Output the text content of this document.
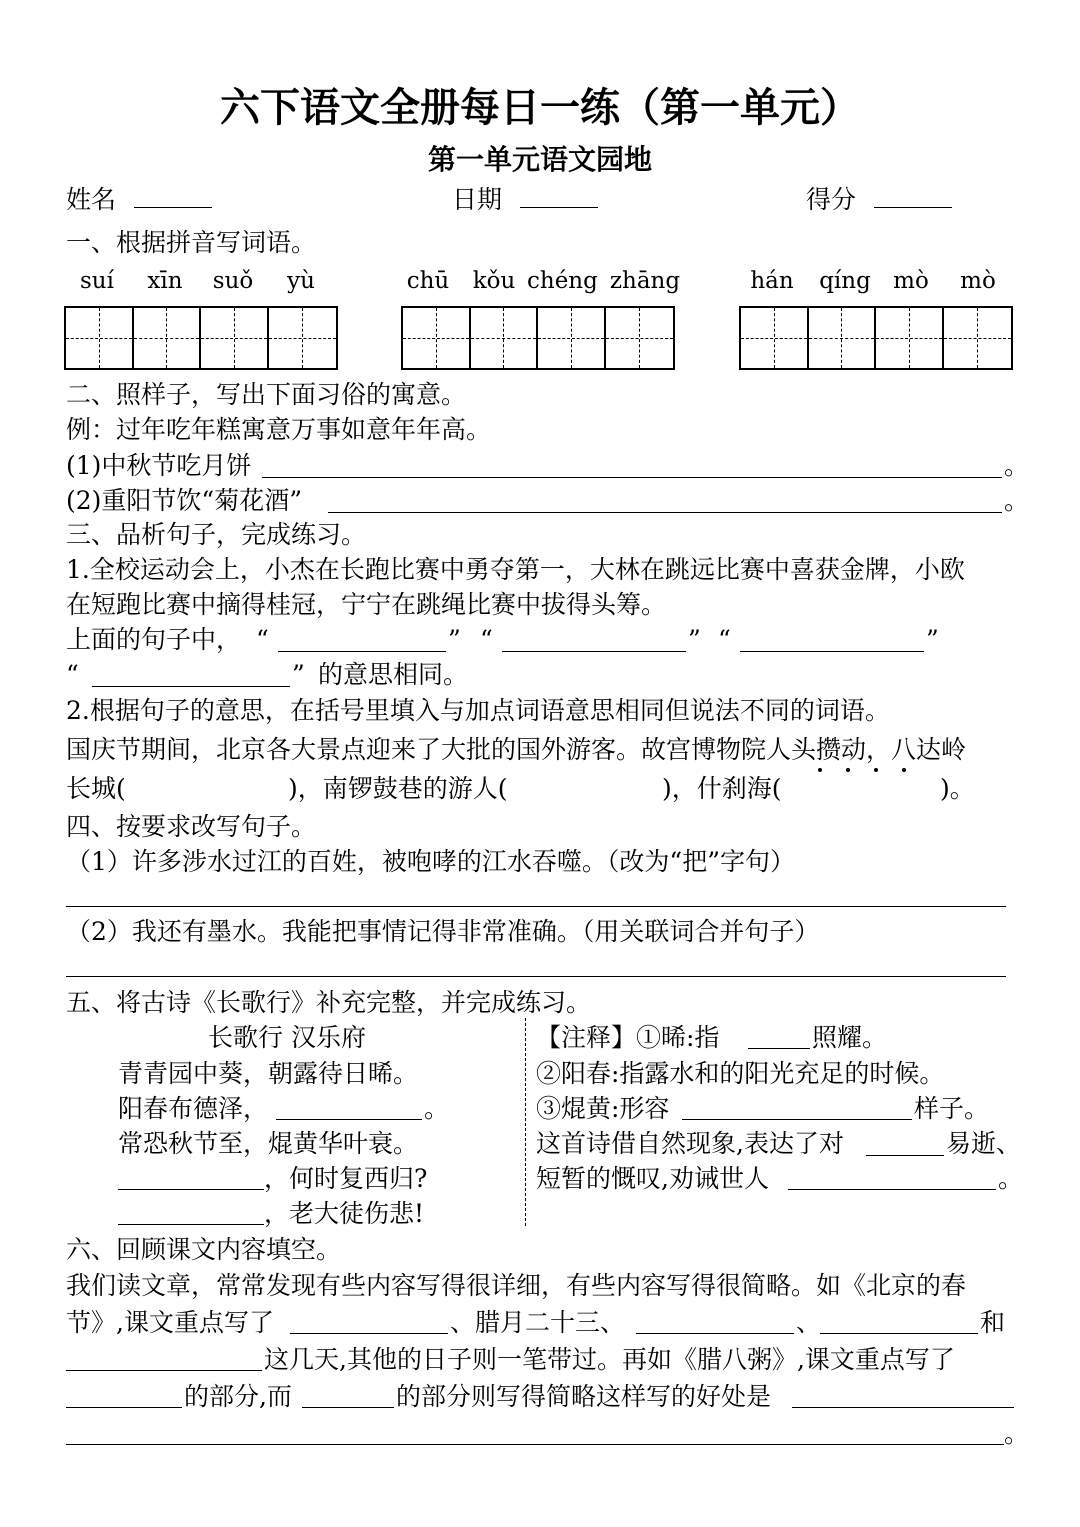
六下语文全册每日一练（第一单元）
第一单元语文园地
姓名	日期	得分
一、根据拼音写词语。
suí	xīn	suǒ	yù	chū	kǒu chéng zhāng	hán	qíng mò	mò
二、照样子，写出下面习俗的寓意。
例：过年吃年糕寓意万事如意年年高。
(1)中秋节吃月饼	。
(2)重阳节饮“菊花酒”	。
三、品析句子，完成练习。
1.全校运动会上，小杰在长跑比赛中勇夺第一，大林在跳远比赛中喜获金牌，小欧
在短跑比赛中摘得桂冠，宁宁在跳绳比赛中拔得头筹。
上面的句子中， “	” “	” “	”
“	” 的意思相同。
2.根据句子的意思，在括号里填入与加点词语意思相同但说法不同的词语。
国庆节期间，北京各大景点迎来了大批的国外游客。故宫博物院人头攒动，八达岭
长城(	)，南锣鼓巷的游人(	)，什刹海(	)。
四、按要求改写句子。
（1）许多涉水过江的百姓，被咆哮的江水吞噬。（改为“把”字句）
（2）我还有墨水。我能把事情记得非常准确。（用关联词合并句子）
五、将古诗《长歌行》补充完整，并完成练习。
长歌行 汉乐府
青青园中葵，朝露待日晞。
阳春布德泽，	。
常恐秋节至，焜黄华叶衰。
，何时复西归?
，老大徒伤悲!
【注释】①晞:指	照耀。
②阳春:指露水和的阳光充足的时候。
③焜黄:形容	样子。
这首诗借自然现象,表达了对	易逝、
短暂的慨叹,劝诫世人	。
六、回顾课文内容填空。
我们读文章，常常发现有些内容写得很详细，有些内容写得很简略。如《北京的春
节》,课文重点写了	、腊月二十三、	、	和
这几天,其他的日子则一笔带过。再如《腊八粥》,课文重点写了
的部分,而	的部分则写得简略这样写的好处是
。
